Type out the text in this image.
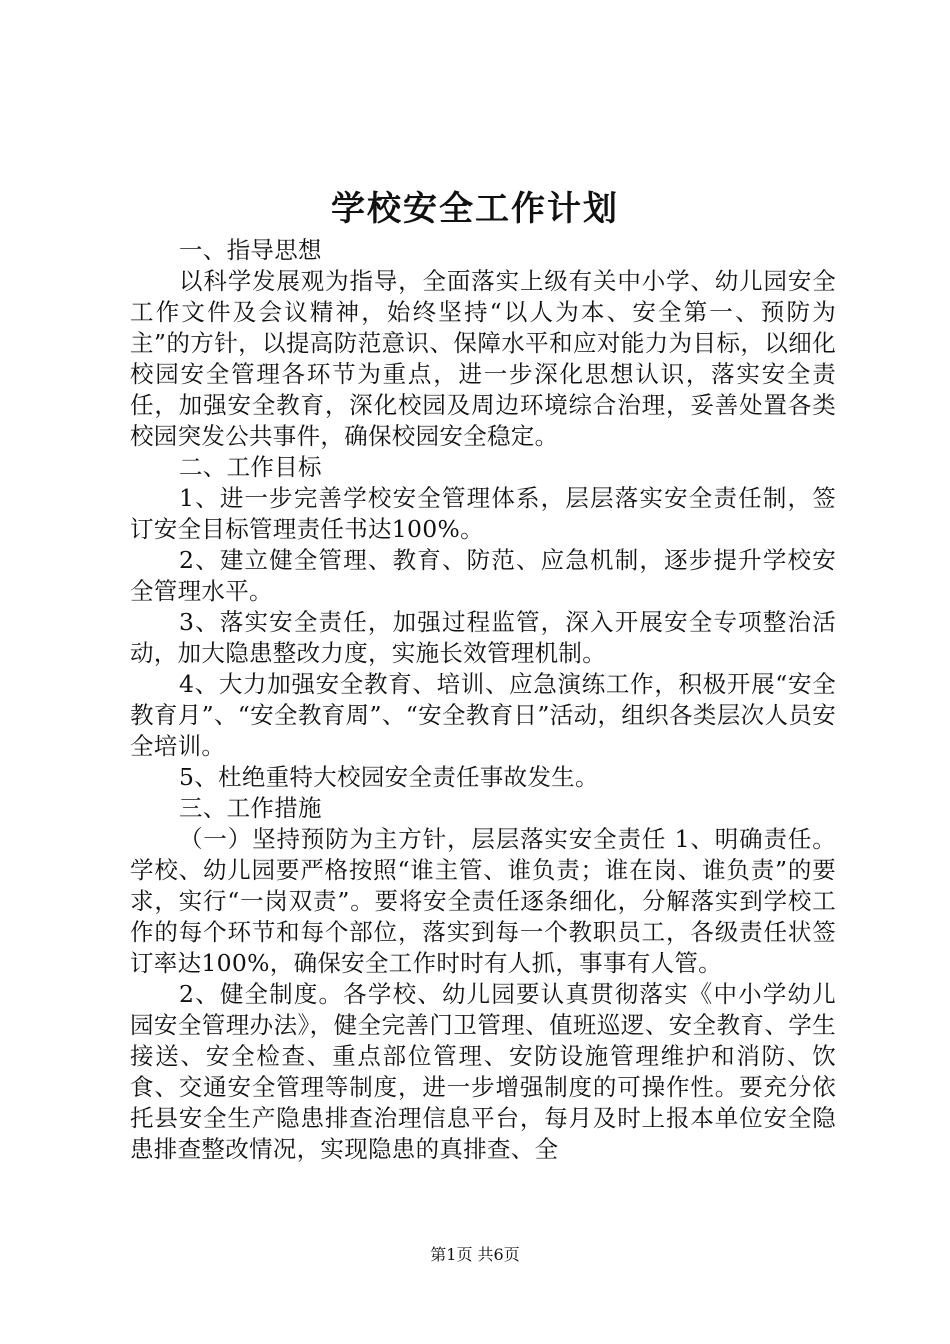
学校安全工作计划

一、指导思想

以科学发展观为指导，全面落实上级有关中小学、幼儿园安全工作文件及会议精神，始终坚持“以人为本、安全第一、预防为主”的方针，以提高防范意识、保障水平和应对能力为目标，以细化校园安全管理各环节为重点，进一步深化思想认识，落实安全责任，加强安全教育，深化校园及周边环境综合治理，妥善处置各类校园突发公共事件，确保校园安全稳定。

二、工作目标

1、进一步完善学校安全管理体系，层层落实安全责任制，签订安全目标管理责任书达100%。

2、建立健全管理、教育、防范、应急机制，逐步提升学校安全管理水平。

3、落实安全责任，加强过程监管，深入开展安全专项整治活动，加大隐患整改力度，实施长效管理机制。

4、大力加强安全教育、培训、应急演练工作，积极开展“安全教育月”、“安全教育周”、“安全教育日”活动，组织各类层次人员安全培训。

5、杜绝重特大校园安全责任事故发生。

三、工作措施

（一）坚持预防为主方针，层层落实安全责任 1、明确责任。学校、幼儿园要严格按照“谁主管、谁负责；谁在岗、谁负责”的要求，实行“一岗双责”。要将安全责任逐条细化，分解落实到学校工作的每个环节和每个部位，落实到每一个教职员工，各级责任状签订率达100%，确保安全工作时时有人抓，事事有人管。

2、健全制度。各学校、幼儿园要认真贯彻落实《中小学幼儿园安全管理办法》，健全完善门卫管理、值班巡逻、安全教育、学生接送、安全检查、重点部位管理、安防设施管理维护和消防、饮食、交通安全管理等制度，进一步增强制度的可操作性。要充分依托县安全生产隐患排查治理信息平台，每月及时上报本单位安全隐患排查整改情况，实现隐患的真排查、全

第1页 共6页
